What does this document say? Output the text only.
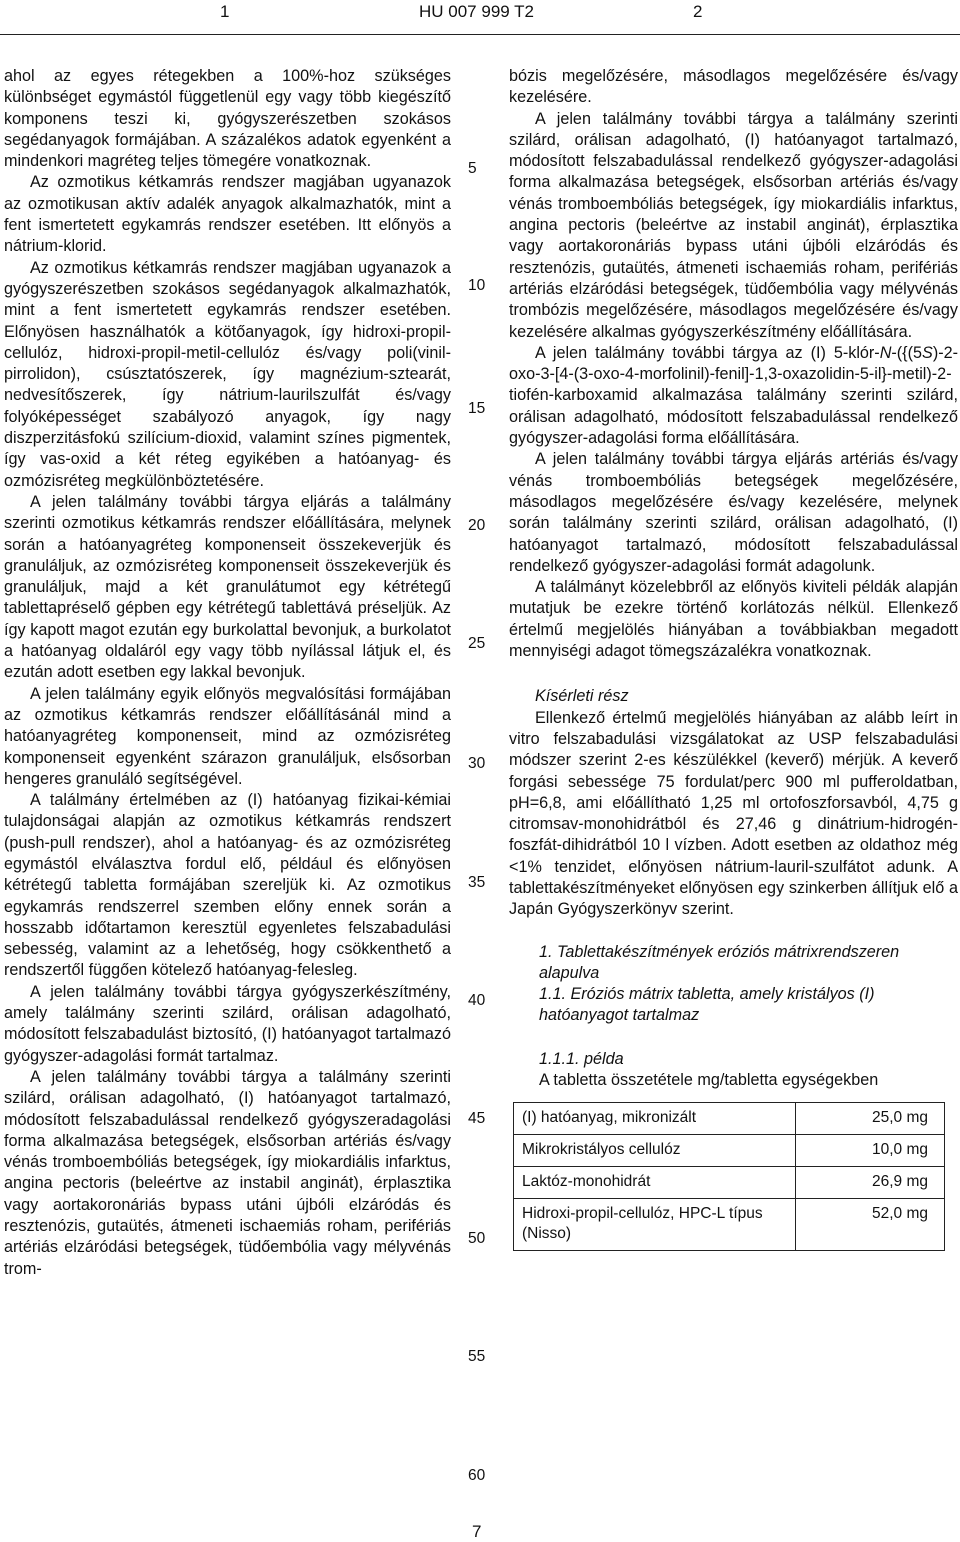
1	HU 007 999 T2	2

ahol az egyes rétegekben a 100%-hoz szükséges különbséget egymástól függetlenül egy vagy több kiegészítő komponens teszi ki, gyógyszerészetben szokásos segédanyagok formájában. A százalékos adatok egyenként a mindenkori magréteg teljes tömegére vonatkoznak.

Az ozmotikus kétkamrás rendszer magjában ugyanazok az ozmotikusan aktív adalék anyagok alkalmazhatók, mint a fent ismertetett egykamrás rendszer esetében. Itt előnyös a nátrium-klorid.

Az ozmotikus kétkamrás rendszer magjában ugyanazok a gyógyszerészetben szokásos segédanyagok alkalmazhatók, mint a fent ismertetett egykamrás rendszer esetében. Előnyösen használhatók a kötőanyagok, így hidroxi-propil-cellulóz, hidroxi-propil-metil-cellulóz és/vagy poli(vinil-pirrolidon), csúsztatószerek, így magnézium-sztearát, nedvesítőszerek, így nátrium-laurilszulfát és/vagy folyóképességet szabályozó anyagok, így nagy diszperzitásfokú szilícium-dioxid, valamint színes pigmentek, így vas-oxid a két réteg egyikében a hatóanyag- és ozmózisréteg megkülönböztetésére.

A jelen találmány további tárgya eljárás a találmány szerinti ozmotikus kétkamrás rendszer előállítására, melynek során a hatóanyagréteg komponenseit összekeverjük és granuláljuk, az ozmózisréteg komponenseit összekeverjük és granuláljuk, majd a két granulátumot egy kétrétegű tablettapréselő gépben egy kétrétegű tablettává préseljük. Az így kapott magot ezután egy burkolattal bevonjuk, a burkolatot a hatóanyag oldaláról egy vagy több nyílással látjuk el, és ezután adott esetben egy lakkal bevonjuk.

A jelen találmány egyik előnyös megvalósítási formájában az ozmotikus kétkamrás rendszer előállításánál mind a hatóanyagréteg komponenseit, mind az ozmózisréteg komponenseit egyenként szárazon granuláljuk, elsősorban hengeres granuláló segítségével.

A találmány értelmében az (I) hatóanyag fizikai-kémiai tulajdonságai alapján az ozmotikus kétkamrás rendszert (push-pull rendszer), ahol a hatóanyag- és az ozmózisréteg egymástól elválasztva fordul elő, például és előnyösen kétrétegű tabletta formájában szereljük ki. Az ozmotikus egykamrás rendszerrel szemben előny ennek során a hosszabb időtartamon keresztül egyenletes felszabadulási sebesség, valamint az a lehetőség, hogy csökkenthető a rendszertől függően kötelező hatóanyag-felesleg.

A jelen találmány további tárgya gyógyszerkészítmény, amely találmány szerinti szilárd, orálisan adagolható, módosított felszabadulást biztosító, (I) hatóanyagot tartalmazó gyógyszer-adagolási formát tartalmaz.

A jelen találmány további tárgya a találmány szerinti szilárd, orálisan adagolható, (I) hatóanyagot tartalmazó, módosított felszabadulással rendelkező gyógyszeradagolási forma alkalmazása betegségek, elsősorban artériás és/vagy vénás tromboembóliás betegségek, így miokardiális infarktus, angina pectoris (beleértve az instabil anginát), érplasztika vagy aortakoronáriás bypass utáni újbóli elzáródás és resztenózis, gutaütés, átmeneti ischaemiás roham, perifériás artériás elzáródási betegségek, tüdőembólia vagy mélyvénás trom-

bózis megelőzésére, másodlagos megelőzésére és/vagy kezelésére.

A jelen találmány további tárgya a találmány szerinti szilárd, orálisan adagolható, (I) hatóanyagot tartalmazó, módosított felszabadulással rendelkező gyógyszer-adagolási forma alkalmazása betegségek, elsősorban artériás és/vagy vénás tromboembóliás betegségek, így miokardiális infarktus, angina pectoris (beleértve az instabil anginát), érplasztika vagy aortakoronáriás bypass utáni újbóli elzáródás és resztenózis, gutaütés, átmeneti ischaemiás roham, perifériás artériás elzáródási betegségek, tüdőembólia vagy mélyvénás trombózis megelőzésére, másodlagos megelőzésére és/vagy kezelésére alkalmas gyógyszerkészítmény előállítására.

A jelen találmány további tárgya az (I) 5-klór-N-({(5S)-2-oxo-3-[4-(3-oxo-4-morfolinil)-fenil]-1,3-oxazolidin-5-il}-metil)-2-tiofén-karboxamid alkalmazása találmány szerinti szilárd, orálisan adagolható, módosított felszabadulással rendelkező gyógyszer-adagolási forma előállítására.

A jelen találmány további tárgya eljárás artériás és/vagy vénás tromboembóliás betegségek megelőzésére, másodlagos megelőzésére és/vagy kezelésére, melynek során találmány szerinti szilárd, orálisan adagolható, (I) hatóanyagot tartalmazó, módosított felszabadulással rendelkező gyógyszer-adagolási formát adagolunk.

A találmányt közelebbről az előnyös kiviteli példák alapján mutatjuk be ezekre történő korlátozás nélkül. Ellenkező értelmű megjelölés hiányában a továbbiakban megadott mennyiségi adagot tömegszázalékra vonatkoznak.

Kísérleti rész

Ellenkező értelmű megjelölés hiányában az alább leírt in vitro felszabadulási vizsgálatokat az USP felszabadulási módszer szerint 2-es készülékkel (keverő) mérjük. A keverő forgási sebessége 75 fordulat/perc 900 ml pufferoldatban, pH=6,8, ami előállítható 1,25 ml ortofoszforsavból, 4,75 g citromsav-monohidrátból és 27,46 g dinátrium-hidrogén-foszfát-dihidrátból 10 l vízben. Adott esetben az oldathoz még <1% tenzidet, előnyösen nátrium-lauril-szulfátot adunk. A tablettakészítményeket előnyösen egy szinkerben állítjuk elő a Japán Gyógyszerkönyv szerint.

1. Tablettakészítmények eróziós mátrixrendszeren alapulva

1.1. Eróziós mátrix tabletta, amely kristályos (I) hatóanyagot tartalmaz

1.1.1. példa

A tabletta összetétele mg/tabletta egységekben

(I) hatóanyag, mikronizált	25,0 mg
Mikrokristályos cellulóz	10,0 mg
Laktóz-monohidrát	26,9 mg
Hidroxi-propil-cellulóz, HPC-L típus (Nisso)	52,0 mg
5
10
15
20
25
30
35
40
45
50
55
60
7
